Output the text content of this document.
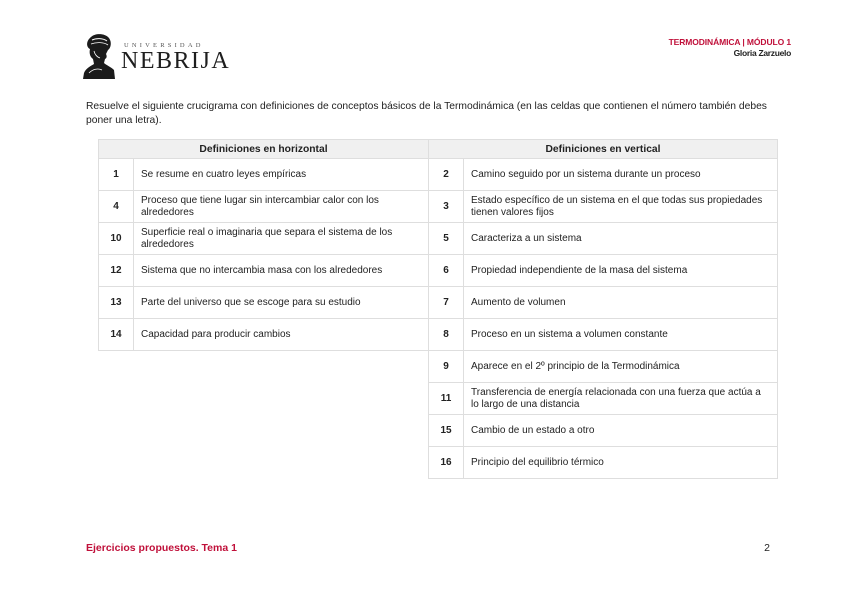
UNIVERSIDAD
NEBRIJA
TERMODINÁMICA | MÓDULO 1
Gloria Zarzuelo
Resuelve el siguiente crucigrama con definiciones de conceptos básicos de la Termodinámica (en las celdas que contienen el número también debes poner una letra).
Definiciones en horizontal	
1	Se resume en cuatro leyes empíricas
4	Proceso que tiene lugar sin intercambiar calor con los alrededores
10	Superficie real o imaginaria que separa el sistema de los alrededores
12	Sistema que no intercambia masa con los alrededores
13	Parte del universo que se escoge para su estudio
14	Capacidad para producir cambios
Definiciones en vertical	
2	Camino seguido por un sistema durante un proceso
3	Estado específico de un sistema en el que todas sus propiedades tienen valores fijos
5	Caracteriza a un sistema
6	Propiedad independiente de la masa del sistema
7	Aumento de volumen
8	Proceso en un sistema a volumen constante
9	Aparece en el 2º principio de la Termodinámica
11	Transferencia de energía relacionada con una fuerza que actúa a lo largo de una distancia
15	Cambio de un estado a otro
16	Principio del equilibrio térmico
Ejercicios propuestos. Tema 1	2
